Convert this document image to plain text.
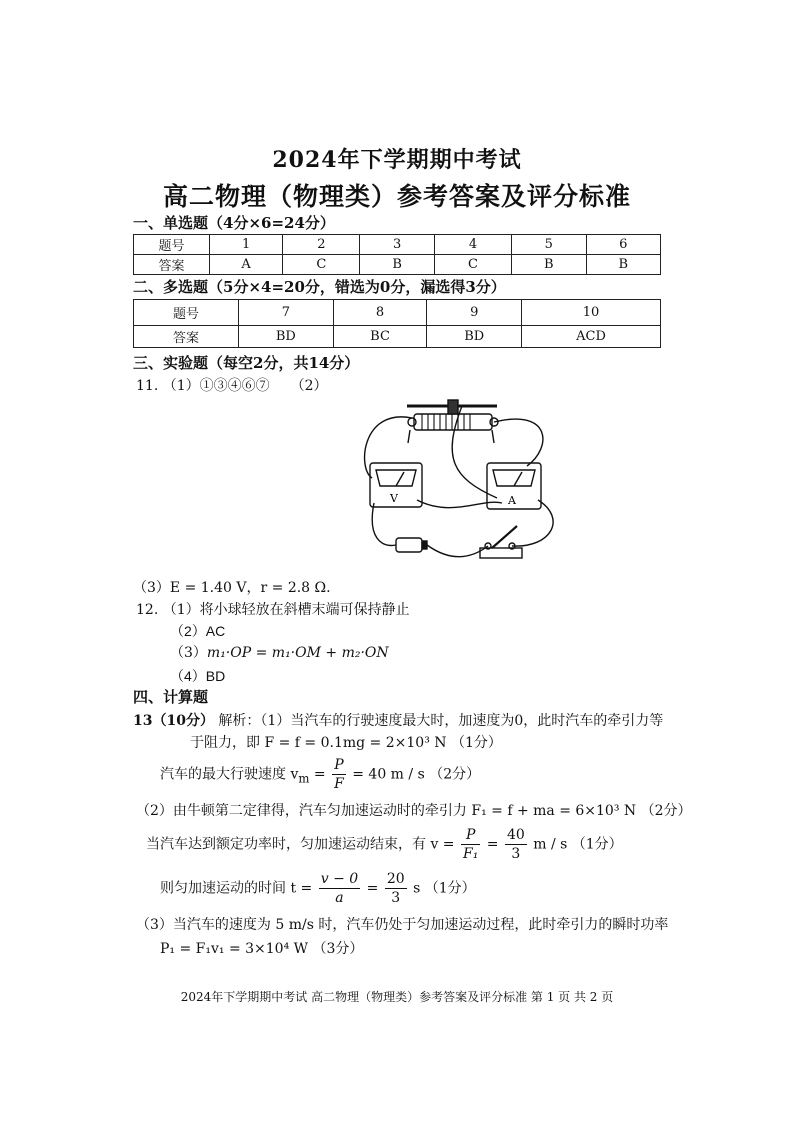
2024年下学期期中考试
高二物理（物理类）参考答案及评分标准
一、单选题（4分×6=24分）
题号	1	2	3	4	5	6
答案	A	C	B	C	B	B
二、多选题（5分×4=20分，错选为0分，漏选得3分）
题号	7	8	9	10
答案	BD	BC	BD	ACD
三、实验题（每空2分，共14分）
11. （1）①③④⑥⑦　　（2）
V	A
（3）E = 1.40 V，r = 2.8 Ω.
12. （1）将小球轻放在斜槽末端可保持静止
（2）AC
（3）m₁·OP = m₁·OM + m₂·ON
（4）BD
四、计算题
13（10分） 解析：（1）当汽车的行驶速度最大时，加速度为0，此时汽车的牵引力等
于阻力，即 F = f = 0.1mg = 2×10³ N （1分）
汽车的最大行驶速度 $v_m = \frac{P}{F} = 40$ m / s （2分）
（2）由牛顿第二定律得，汽车匀加速运动时的牵引力 F₁ = f + ma = 6×10³ N （2分）
当汽车达到额定功率时，匀加速运动结束，有 $v = \frac{P}{\text{F₁}} = \frac{40}{3}$ m / s （1分）
则匀加速运动的时间 $t = \frac{v - 0}{a} = \frac{20}{3}$ s （1分）
（3）当汽车的速度为 5 m/s 时，汽车仍处于匀加速运动过程，此时牵引力的瞬时功率
P₁ = F₁v₁ = 3×10⁴ W （3分）
2024年下学期期中考试 高二物理（物理类）参考答案及评分标准 第 1 页 共 2 页
